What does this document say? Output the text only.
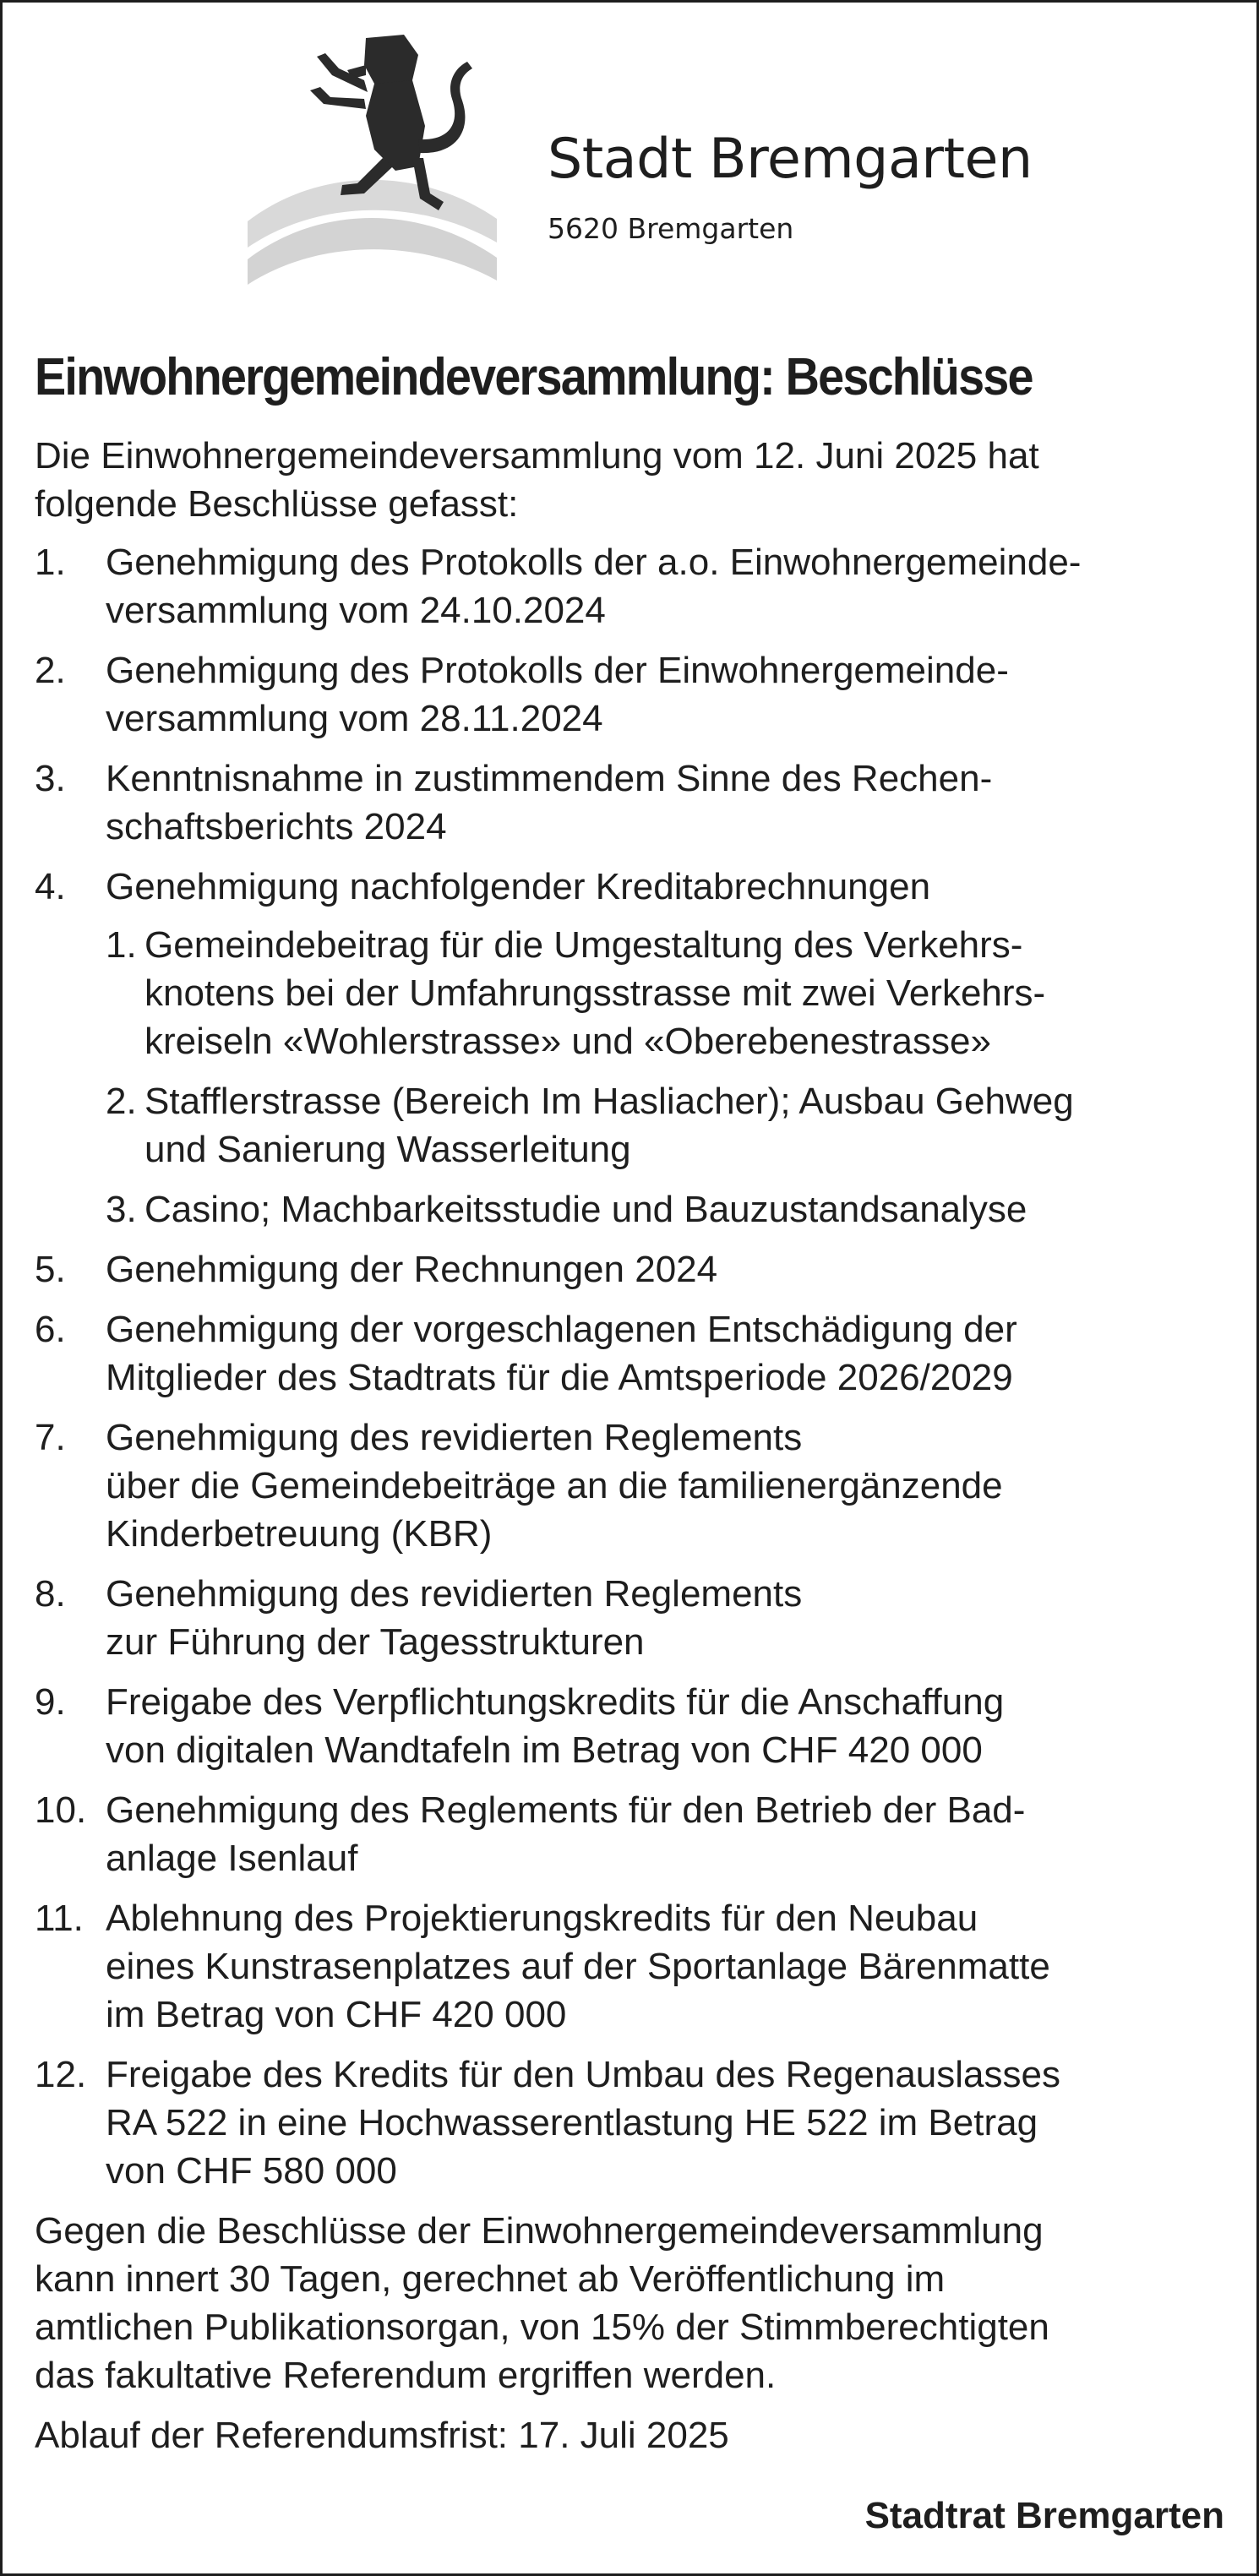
Stadt Bremgarten
5620 Bremgarten
Einwohnergemeindeversammlung: Beschlüsse
Die Einwohnergemeindeversammlung vom 12. Juni 2025 hat
folgende Beschlüsse gefasst:
1. Genehmigung des Protokolls der a.o. Einwohnergemeinde-
versammlung vom 24.10.2024
2. Genehmigung des Protokolls der Einwohnergemeinde-
versammlung vom 28.11.2024
3. Kenntnisnahme in zustimmendem Sinne des Rechen-
schaftsberichts 2024
4. Genehmigung nachfolgender Kreditabrechnungen
1. Gemeindebeitrag für die Umgestaltung des Verkehrs-
knotens bei der Umfahrungsstrasse mit zwei Verkehrs-
kreiseln «Wohlerstrasse» und «Oberebenestrasse»
2. Stafflerstrasse (Bereich Im Hasliacher); Ausbau Gehweg
und Sanierung Wasserleitung
3. Casino; Machbarkeitsstudie und Bauzustandsanalyse
5. Genehmigung der Rechnungen 2024
6. Genehmigung der vorgeschlagenen Entschädigung der
Mitglieder des Stadtrats für die Amtsperiode 2026/2029
7. Genehmigung des revidierten Reglements
über die Gemeindebeiträge an die familienergänzende
Kinderbetreuung (KBR)
8. Genehmigung des revidierten Reglements
zur Führung der Tagesstrukturen
9. Freigabe des Verpflichtungskredits für die Anschaffung
von digitalen Wandtafeln im Betrag von CHF 420 000
10. Genehmigung des Reglements für den Betrieb der Bad-
anlage Isenlauf
11. Ablehnung des Projektierungskredits für den Neubau
eines Kunstrasenplatzes auf der Sportanlage Bärenmatte
im Betrag von CHF 420 000
12. Freigabe des Kredits für den Umbau des Regenauslasses
RA 522 in eine Hochwasserentlastung HE 522 im Betrag
von CHF 580 000
Gegen die Beschlüsse der Einwohnergemeindeversammlung
kann innert 30 Tagen, gerechnet ab Veröffentlichung im
amtlichen Publikationsorgan, von 15% der Stimmberechtigten
das fakultative Referendum ergriffen werden.
Ablauf der Referendumsfrist: 17. Juli 2025
Stadtrat Bremgarten
